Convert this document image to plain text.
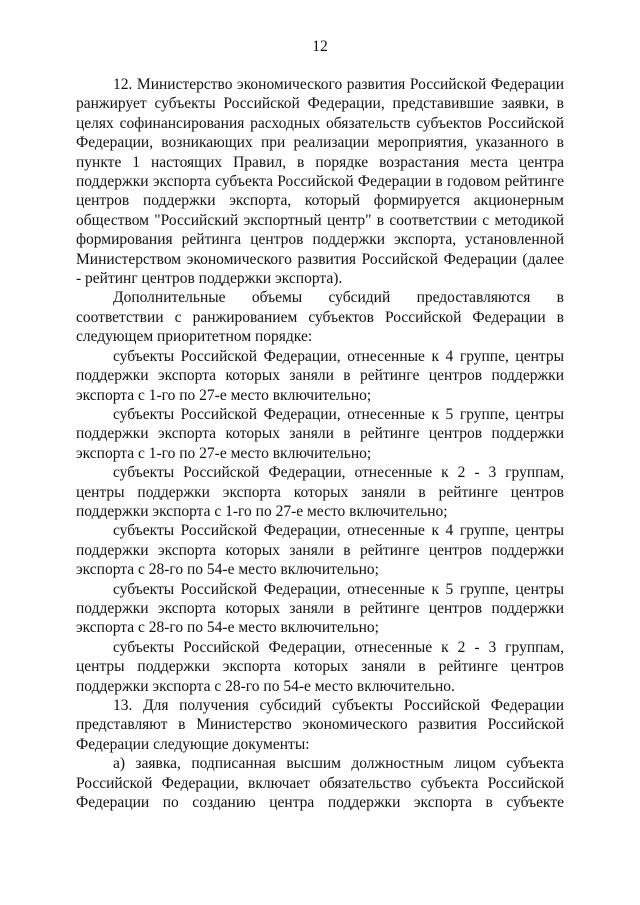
12

12. Министерство экономического развития Российской Федерации ранжирует субъекты Российской Федерации, представившие заявки, в целях софинансирования расходных обязательств субъектов Российской Федерации, возникающих при реализации мероприятия, указанного в пункте 1 настоящих Правил, в порядке возрастания места центра поддержки экспорта субъекта Российской Федерации в годовом рейтинге центров поддержки экспорта, который формируется акционерным обществом "Российский экспортный центр" в соответствии с методикой формирования рейтинга центров поддержки экспорта, установленной Министерством экономического развития Российской Федерации (далее - рейтинг центров поддержки экспорта).

Дополнительные объемы субсидий предоставляются в соответствии с ранжированием субъектов Российской Федерации в следующем приоритетном порядке:

субъекты Российской Федерации, отнесенные к 4 группе, центры поддержки экспорта которых заняли в рейтинге центров поддержки экспорта с 1-го по 27-е место включительно;

субъекты Российской Федерации, отнесенные к 5 группе, центры поддержки экспорта которых заняли в рейтинге центров поддержки экспорта с 1-го по 27-е место включительно;

субъекты Российской Федерации, отнесенные к 2 - 3 группам, центры поддержки экспорта которых заняли в рейтинге центров поддержки экспорта с 1-го по 27-е место включительно;

субъекты Российской Федерации, отнесенные к 4 группе, центры поддержки экспорта которых заняли в рейтинге центров поддержки экспорта с 28-го по 54-е место включительно;

субъекты Российской Федерации, отнесенные к 5 группе, центры поддержки экспорта которых заняли в рейтинге центров поддержки экспорта с 28-го по 54-е место включительно;

субъекты Российской Федерации, отнесенные к 2 - 3 группам, центры поддержки экспорта которых заняли в рейтинге центров поддержки экспорта с 28-го по 54-е место включительно.

13. Для получения субсидий субъекты Российской Федерации представляют в Министерство экономического развития Российской Федерации следующие документы:

а) заявка, подписанная высшим должностным лицом субъекта Российской Федерации, включает обязательство субъекта Российской Федерации по созданию центра поддержки экспорта в субъекте
